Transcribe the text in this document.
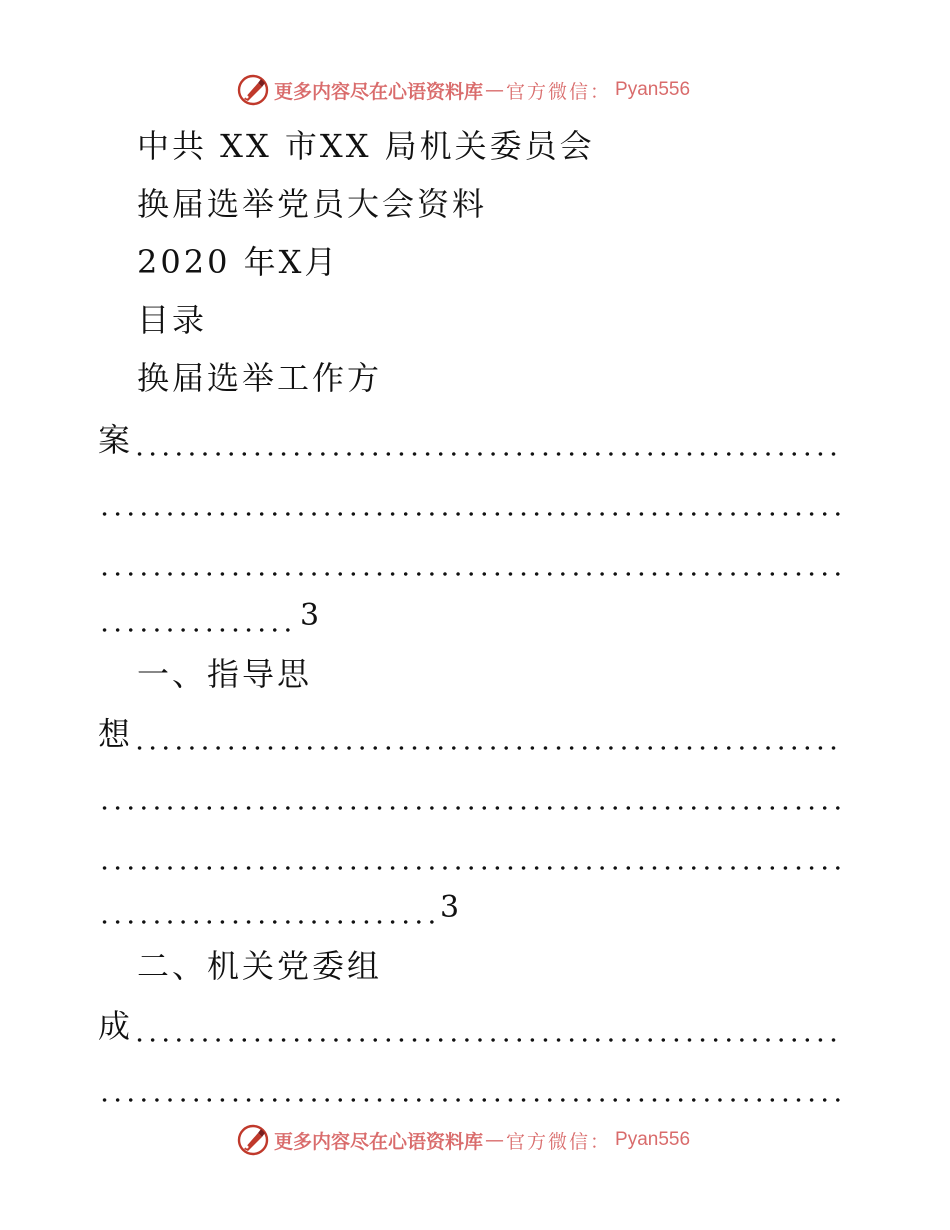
更多内容尽在心语资料库 — 官方微信： Pyan556
中共 XX 市XX 局机关委员会
换届选举党员大会资料
2020 年X月
目录
换届选举工作方
案
3
一、指导思
想
3
二、机关党委组
成
更多内容尽在心语资料库 — 官方微信： Pyan556
